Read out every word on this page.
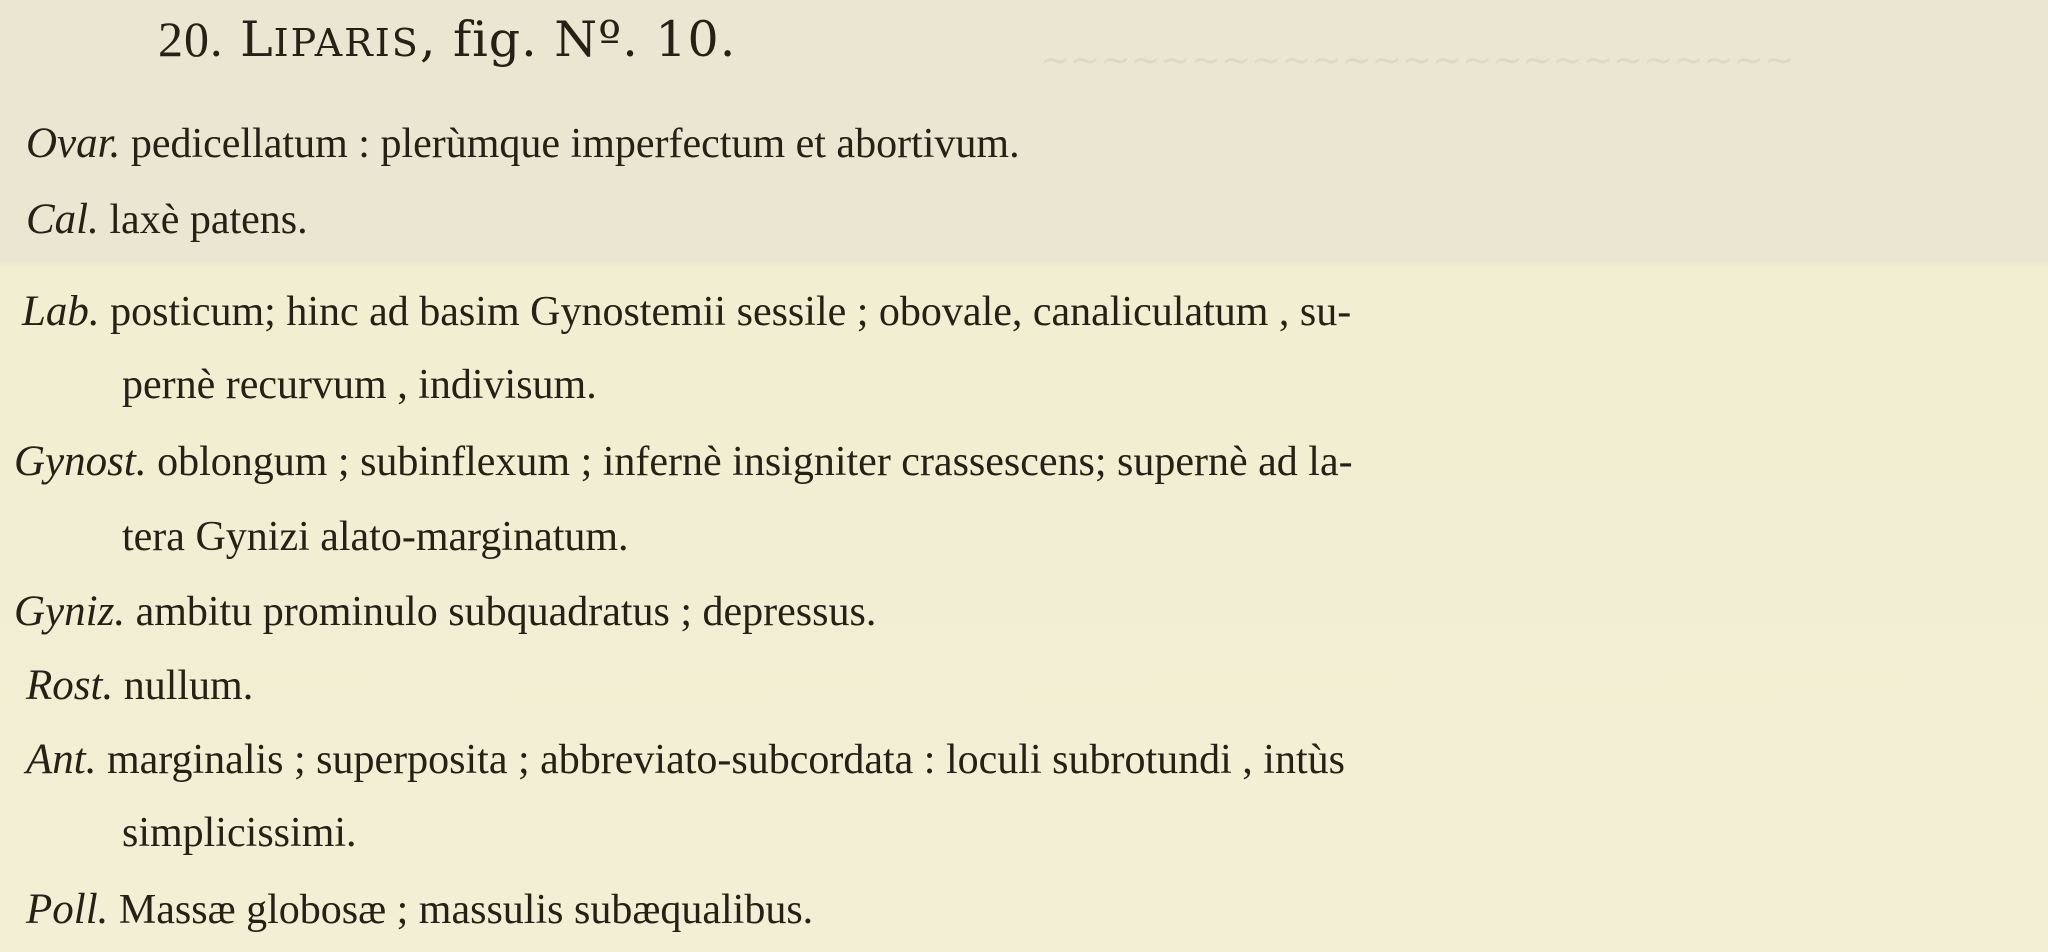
~~~~~~~~~~~~~~~~~~~~~~~~~
20. LIPARIS, fig. Nº. 10.
Ovar. pedicellatum : plerùmque imperfectum et abortivum.
Cal. laxè patens.
Lab. posticum; hinc ad basim Gynostemii sessile ; obovale, canaliculatum , su-
pernè recurvum , indivisum.
Gynost. oblongum ; subinflexum ; infernè insigniter crassescens; supernè ad la-
tera Gynizi alato-marginatum.
Gyniz. ambitu prominulo subquadratus ; depressus.
Rost. nullum.
Ant. marginalis ; superposita ; abbreviato-subcordata : loculi subrotundi , intùs
simplicissimi.
Poll. Massæ globosæ ; massulis subæqualibus.
